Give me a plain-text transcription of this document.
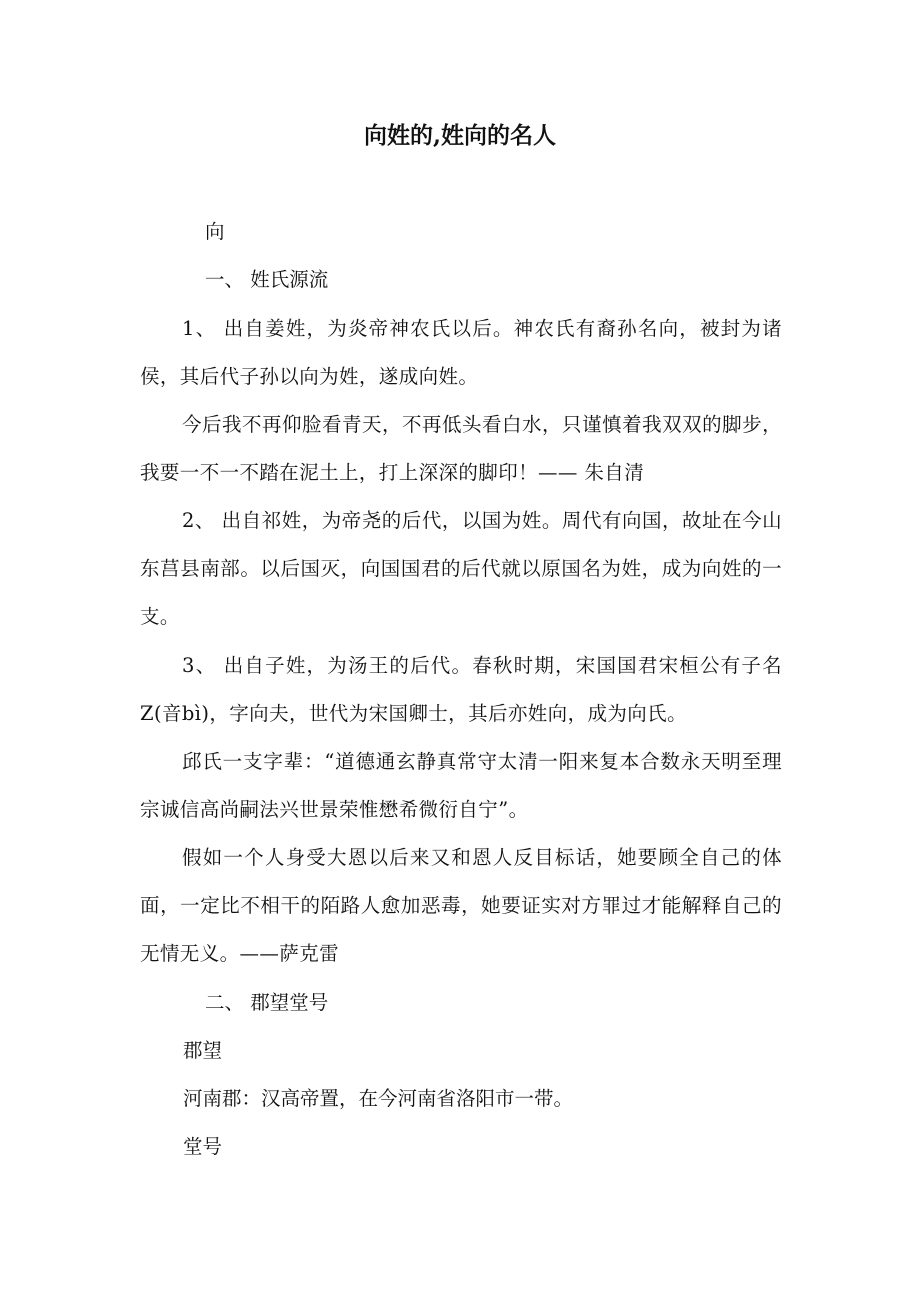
向姓的,姓向的名人

向

一、 姓氏源流

1、 出自姜姓，为炎帝神农氏以后。神农氏有裔孙名向，被封为诸侯，其后代子孙以向为姓，遂成向姓。

今后我不再仰脸看青天，不再低头看白水，只谨慎着我双双的脚步，我要一不一不踏在泥土上，打上深深的脚印！—— 朱自清

2、 出自祁姓，为帝尧的后代，以国为姓。周代有向国，故址在今山东莒县南部。以后国灭，向国国君的后代就以原国名为姓，成为向姓的一支。

3、 出自子姓，为汤王的后代。春秋时期，宋国国君宋桓公有子名Z(音bì)，字向夫，世代为宋国卿士，其后亦姓向，成为向氏。

邱氏一支字辈：“道德通玄静真常守太清一阳来复本合数永天明至理宗诚信高尚嗣法兴世景荣惟懋希微衍自宁”。

假如一个人身受大恩以后来又和恩人反目标话，她要顾全自己的体面，一定比不相干的陌路人愈加恶毒，她要证实对方罪过才能解释自己的无情无义。——萨克雷

二、 郡望堂号

郡望

河南郡：汉高帝置，在今河南省洛阳市一带。

堂号
